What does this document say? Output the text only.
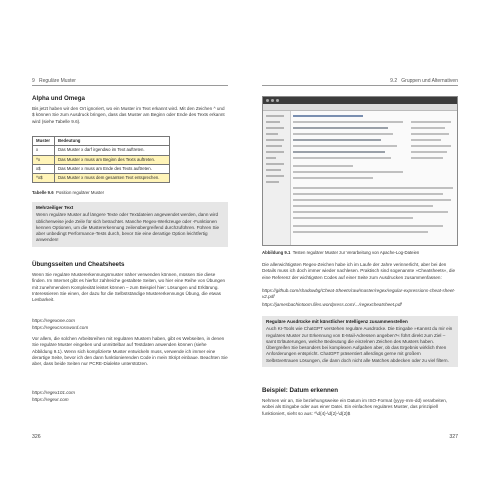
9 Reguläre Muster
Alpha und Omega
Bis jetzt haben wir den Ort ignoriert, wo ein Muster im Text erkannt wird. Mit den Zeichen ^ und $ können Sie zum Ausdruck bringen, dass das Muster am Beginn oder Ende des Texts erkannt wird (siehe Tabelle 9.6).
Muster	Bedeutung
x	Das Muster x darf irgendwo im Text auftreten.
^x	Das Muster x muss am Beginn des Texts auftreten.
x$	Das Muster x muss am Ende des Texts auftreten.
^x$	Das Muster x muss dem gesamten Text entsprechen.
Tabelle 9.6 Position regulärer Muster
Mehrzeiliger Text
Wenn reguläre Muster auf längere Texte oder Textdateien angewendet werden, dann wird üblicherweise jede Zeile für sich betrachtet. Manche Regex-Werkzeuge oder -Funktionen kennen Optionen, um die Mustererkennung zeilenübergreifend durchzuführen. Führen Sie aber unbedingt Performance-Tests durch, bevor Sie eine derartige Option leichtfertig anwenden!
Übungsseiten und Cheatsheets
Wenn Sie reguläre Mustererkennungsmuster näher verwenden können, müssen Sie diese finden. Im Internet gibt es hierfür zahlreiche gestaltete Seiten, wo hier eine Reihe von Übungen mit zunehmendem Komplexität leistet können – zum Beispiel hier: Lösungen und Erklärung. Interessieren Sie einen, der dazu für die Selbstständige Mustererkennungs Übung, die etwas Lesbarkeit.
https://regexone.com
https://regexcrossword.com
Vor allem, die solchen Arbeitsreihen mit regulären Mustern haben, gibt es Webseiten, in denen Sie reguläre Muster eingeben und unmittelbar auf Testdaten anwenden können (siehe Abbildung 9.1). Wenn sich komplizierte Muster entwickeln muss, verwende ich immer eine derartige Seite, bevor ich den dann funktionierenden Code in mein Skript einbaue. Beachten Sie aber, dass beide Seiten nur PCRE-Dialekte unterstützen.
https://regex101.com
https://regexr.com
326
9.2 Gruppen und Alternativen
Abbildung 9.1 Testen regulärer Muster zur Verarbeitung von Apache-Log-Dateien
Die allerwichtigsten Regex-Zeichen habe ich im Laufe der Jahre verinnerlicht, aber bei den Details muss ich doch immer wieder nachlesen. Praktisch sind sogenannte »Cheatsheets«, die eine Referenz der wichtigsten Codes auf einer Seite zum Ausdrucken zusammenfassen:
https://github.com/shadowbg/Cheat-Sheets/raw/master/regex/regular-expressions-cheat-sheet-v2.pdf
https://jamesbachintoom.files.wordpress.com/.../regexcheatsheet.pdf
Reguläre Ausdrücke mit künstlicher Intelligenz zusammenstellen
Auch KI-Tools wie ChatGPT verstehen reguläre Ausdrücke. Die Eingabe »Kannst du mir ein reguläres Muster zur Erkennung von E-Mail-Adressen angeben?« führt direkt zum Ziel – samt Erläuterungen, welche Bedeutung die einzelnen Zeichen des Musters haben. Übergreifen Sie besonders bei komplexen Aufgaben aber, ob das Ergebnis wirklich Ihren Anforderungen entspricht. ChatGPT präsentiert allerdings gerne mit großem Selbstvertrauen Lösungen, die dann doch nicht alle Matches abdecken oder zu viel filtern.
Beispiel: Datum erkennen
Nehmen wir an, Sie beziehungsweise ein Datum im ISO-Format (yyyy-mm-dd) verarbeiten, wobei als Eingabe oder aus einer Datei. Ein einfaches reguläres Muster, das prinzipiell funktioniert, sieht so aus: ^\d{4}-\d{2}-\d{2}$
327
